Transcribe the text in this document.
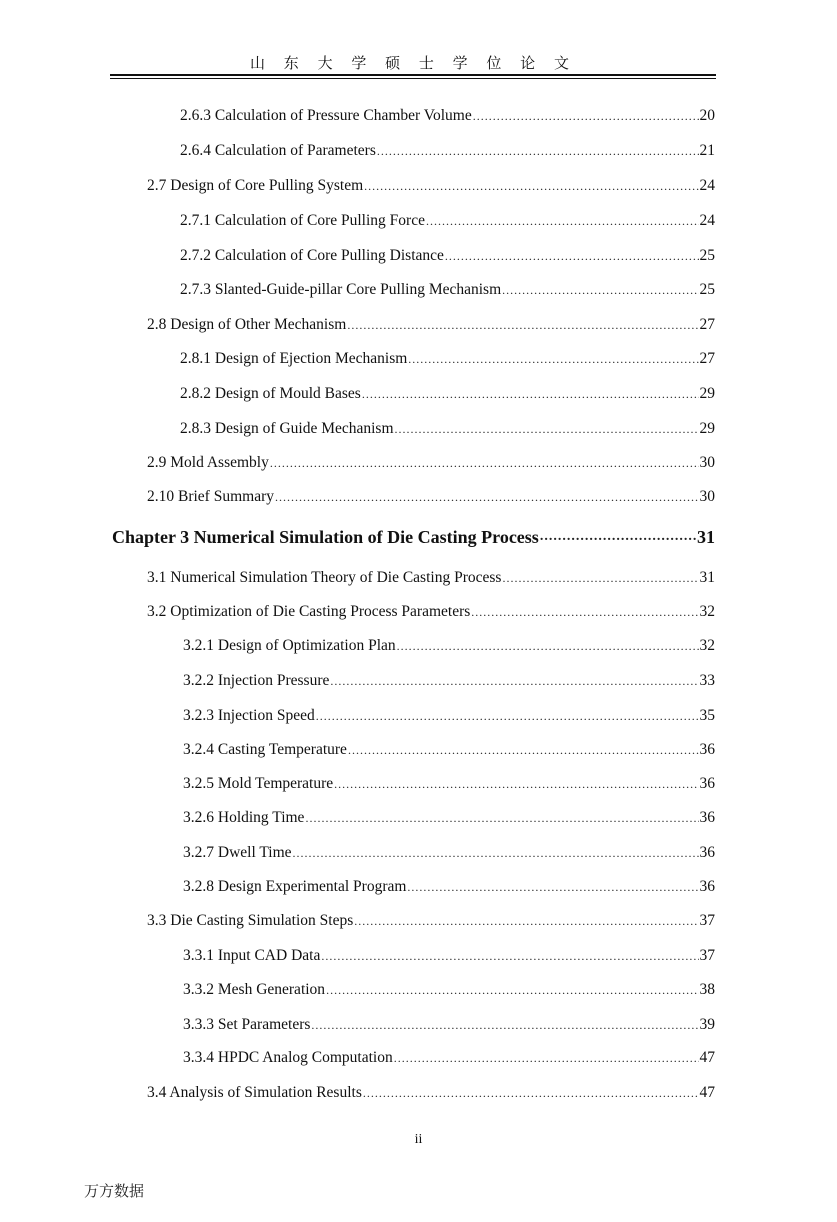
山 东 大 学 硕 士 学 位 论 文
2.6.3 Calculation of Pressure Chamber Volume .....	20
2.6.4 Calculation of Parameters .....	21
2.7 Design of Core Pulling System .....	24
2.7.1 Calculation of Core Pulling Force .....	24
2.7.2 Calculation of Core Pulling Distance .....	25
2.7.3 Slanted-Guide-pillar Core Pulling Mechanism .....	25
2.8 Design of Other Mechanism .....	27
2.8.1 Design of Ejection Mechanism .....	27
2.8.2 Design of Mould Bases .....	29
2.8.3 Design of Guide Mechanism .....	29
2.9 Mold Assembly .....	30
2.10 Brief Summary .....	30
Chapter 3 Numerical Simulation of Die Casting Process .....	31
3.1 Numerical Simulation Theory of Die Casting Process .....	31
3.2 Optimization of Die Casting Process Parameters .....	32
3.2.1 Design of Optimization Plan .....	32
3.2.2 Injection Pressure .....	33
3.2.3 Injection Speed .....	35
3.2.4 Casting Temperature .....	36
3.2.5 Mold Temperature .....	36
3.2.6 Holding Time .....	36
3.2.7 Dwell Time .....	36
3.2.8 Design Experimental Program .....	36
3.3 Die Casting Simulation Steps .....	37
3.3.1 Input CAD Data .....	37
3.3.2 Mesh Generation .....	38
3.3.3 Set Parameters .....	39
3.3.4 HPDC Analog Computation .....	47
3.4 Analysis of Simulation Results .....	47
ii
万方数据
